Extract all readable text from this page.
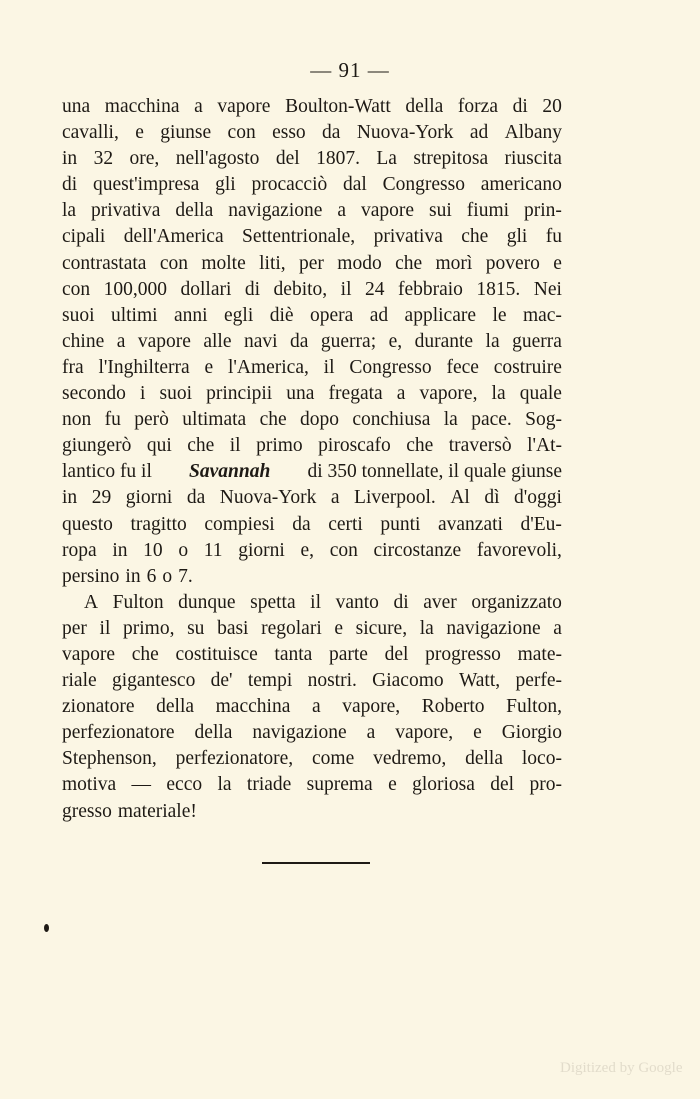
— 91 —
una macchina a vapore Boulton-Watt della forza di 20
cavalli, e giunse con esso da Nuova-York ad Albany
in 32 ore, nell'agosto del 1807. La strepitosa riuscita
di quest'impresa gli procacciò dal Congresso americano
la privativa della navigazione a vapore sui fiumi prin-
cipali dell'America Settentrionale, privativa che gli fu
contrastata con molte liti, per modo che morì povero e
con 100,000 dollari di debito, il 24 febbraio 1815. Nei
suoi ultimi anni egli diè opera ad applicare le mac-
chine a vapore alle navi da guerra; e, durante la guerra
fra l'Inghilterra e l'America, il Congresso fece costruire
secondo i suoi principii una fregata a vapore, la quale
non fu però ultimata che dopo conchiusa la pace. Sog-
giungerò qui che il primo piroscafo che traversò l'At-
lantico fu il Savannah di 350 tonnellate, il quale giunse
in 29 giorni da Nuova-York a Liverpool. Al dì d'oggi
questo tragitto compiesi da certi punti avanzati d'Eu-
ropa in 10 o 11 giorni e, con circostanze favorevoli,
persino in 6 o 7.
A Fulton dunque spetta il vanto di aver organizzato
per il primo, su basi regolari e sicure, la navigazione a
vapore che costituisce tanta parte del progresso mate-
riale gigantesco de' tempi nostri. Giacomo Watt, perfe-
zionatore della macchina a vapore, Roberto Fulton,
perfezionatore della navigazione a vapore, e Giorgio
Stephenson, perfezionatore, come vedremo, della loco-
motiva — ecco la triade suprema e gloriosa del pro-
gresso materiale!
Digitized by Google
